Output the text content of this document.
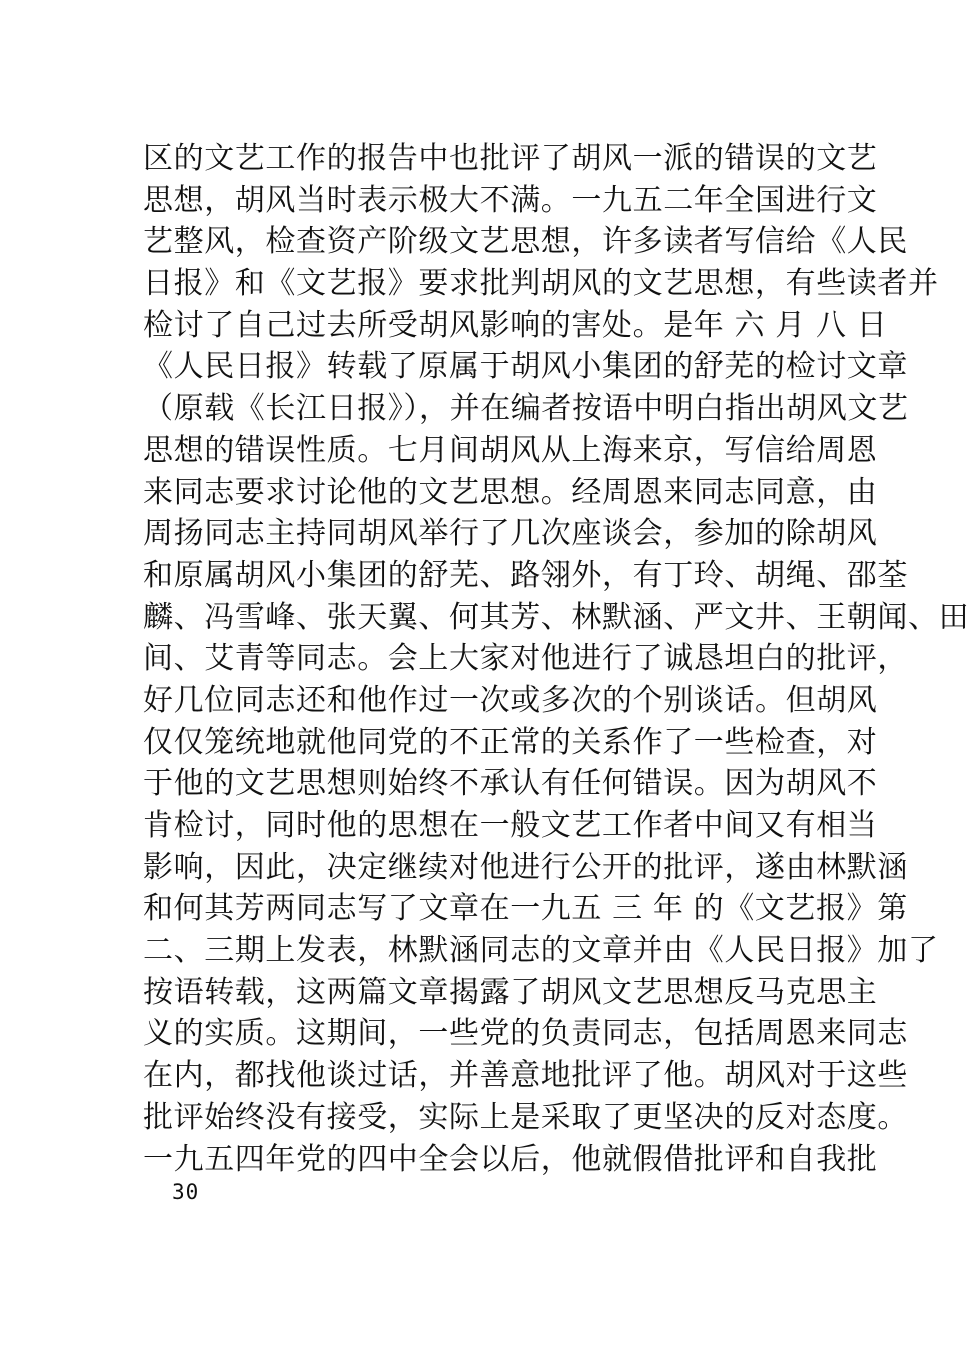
区的文艺工作的报告中也批评了胡风一派的错误的文艺
思想，胡风当时表示极大不满。一九五二年全国进行文
艺整风，检查资产阶级文艺思想，许多读者写信给《人民
日报》和《文艺报》要求批判胡风的文艺思想，有些读者并
检讨了自己过去所受胡风影响的害处。是年 六 月 八 日
《人民日报》转载了原属于胡风小集团的舒芜的检讨文章
（原载《长江日报》），并在编者按语中明白指出胡风文艺
思想的错误性质。七月间胡风从上海来京，写信给周恩
来同志要求讨论他的文艺思想。经周恩来同志同意，由
周扬同志主持同胡风举行了几次座谈会，参加的除胡风
和原属胡风小集团的舒芜、路翎外，有丁玲、胡绳、邵荃
麟、冯雪峰、张天翼、何其芳、林默涵、严文井、王朝闻、田
间、艾青等同志。会上大家对他进行了诚恳坦白的批评，
好几位同志还和他作过一次或多次的个别谈话。但胡风
仅仅笼统地就他同党的不正常的关系作了一些检查，对
于他的文艺思想则始终不承认有任何错误。因为胡风不
肯检讨，同时他的思想在一般文艺工作者中间又有相当
影响，因此，决定继续对他进行公开的批评，遂由林默涵
和何其芳两同志写了文章在一九五 三 年 的《文艺报》第
二、三期上发表，林默涵同志的文章并由《人民日报》加了
按语转载，这两篇文章揭露了胡风文艺思想反马克思主
义的实质。这期间，一些党的负责同志，包括周恩来同志
在内，都找他谈过话，并善意地批评了他。胡风对于这些
批评始终没有接受，实际上是采取了更坚决的反对态度。
一九五四年党的四中全会以后，他就假借批评和自我批
30
